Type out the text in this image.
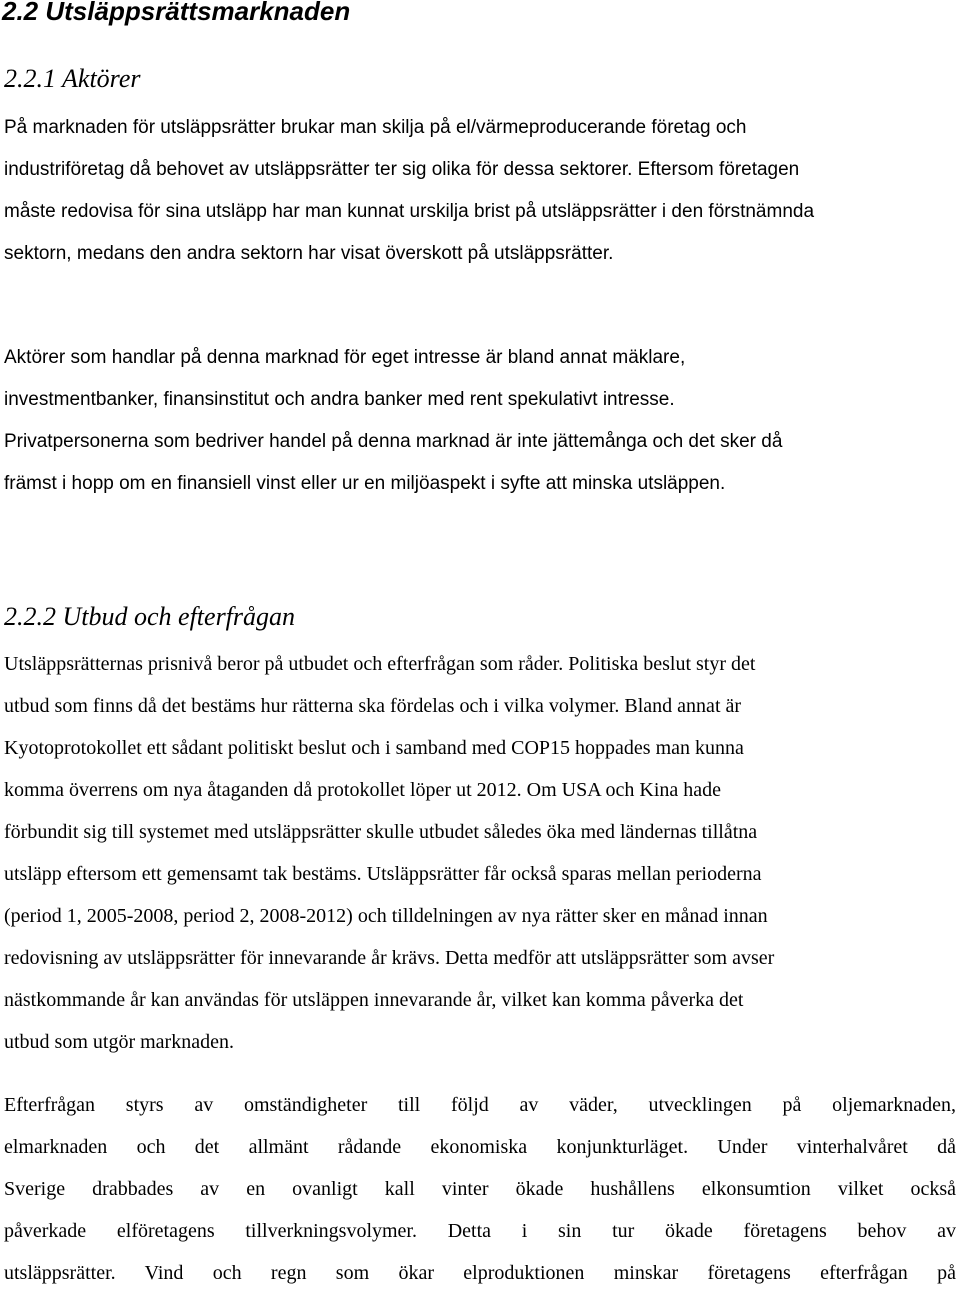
2.2 Utsläppsrättsmarknaden
2.2.1 Aktörer
På marknaden för utsläppsrätter brukar man skilja på el/värmeproducerande företag och
industriföretag då behovet av utsläppsrätter ter sig olika för dessa sektorer. Eftersom företagen
måste redovisa för sina utsläpp har man kunnat urskilja brist på utsläppsrätter i den förstnämnda
sektorn, medans den andra sektorn har visat överskott på utsläppsrätter.
Aktörer som handlar på denna marknad för eget intresse är bland annat mäklare,
investmentbanker, finansinstitut och andra banker med rent spekulativt intresse.
Privatpersonerna som bedriver handel på denna marknad är inte jättemånga och det sker då
främst i hopp om en finansiell vinst eller ur en miljöaspekt i syfte att minska utsläppen.
2.2.2 Utbud och efterfrågan
Utsläppsrätternas prisnivå beror på utbudet och efterfrågan som råder. Politiska beslut styr det
utbud som finns då det bestäms hur rätterna ska fördelas och i vilka volymer. Bland annat är
Kyotoprotokollet ett sådant politiskt beslut och i samband med COP15 hoppades man kunna
komma överrens om nya åtaganden då protokollet löper ut 2012. Om USA och Kina hade
förbundit sig till systemet med utsläppsrätter skulle utbudet således öka med ländernas tillåtna
utsläpp eftersom ett gemensamt tak bestäms. Utsläppsrätter får också sparas mellan perioderna
(period 1, 2005-2008, period 2, 2008-2012) och tilldelningen av nya rätter sker en månad innan
redovisning av utsläppsrätter för innevarande år krävs. Detta medför att utsläppsrätter som avser
nästkommande år kan användas för utsläppen innevarande år, vilket kan komma påverka det
utbud som utgör marknaden.
Efterfrågan styrs av omständigheter till följd av väder, utvecklingen på oljemarknaden,
elmarknaden och det allmänt rådande ekonomiska konjunkturläget. Under vinterhalvåret då
Sverige drabbades av en ovanligt kall vinter ökade hushållens elkonsumtion vilket också
påverkade elföretagens tillverkningsvolymer. Detta i sin tur ökade företagens behov av
utsläppsrätter. Vind och regn som ökar elproduktionen minskar företagens efterfrågan på
